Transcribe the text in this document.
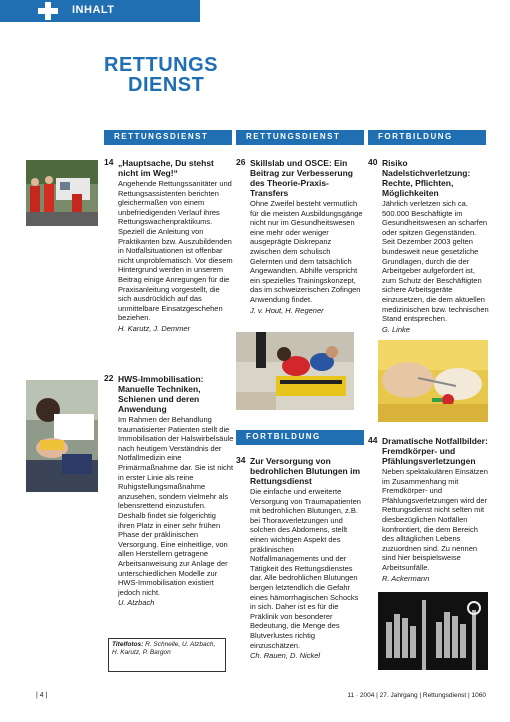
INHALT
RETTUNGS
DIENST
RETTUNGSDIENST	RETTUNGSDIENST	FORTBILDUNG
14 „Hauptsache, Du stehst nicht im Weg!“
Angehende Rettungssanitäter und Rettungsassistenten berichten gleichermaßen von einem unbefriedigenden Verlauf ihres Rettungswachenpraktikums. Speziell die Anleitung von Praktikanten bzw. Auszubildenden in Notfallsituationen ist offenbar nicht unproblematisch. Vor diesem Hintergrund werden in unserem Beitrag einige Anregungen für die Praxisanleitung vorgestellt, die sich ausdrücklich auf das unmittelbare Einsatzgeschehen beziehen.
H. Karutz, J. Demmer
22 HWS-Immobilisation: Manuelle Techniken, Schienen und deren Anwendung
Im Rahmen der Behandlung traumatisierter Patienten stellt die Immobilisation der Halswirbelsäule nach heutigem Verständnis der Notfallmedizin eine Primärmaßnahme dar. Sie ist nicht in erster Linie als reine Ruhigstellungsmaßnahme anzusehen, sondern vielmehr als lebensrettend einzustufen. Deshalb findet sie folgerichtig ihren Platz in einer sehr frühen Phase der präklinischen Versorgung. Eine einheitlige, von allen Herstellern getragene Arbeitsanweisung zur Anlage der unterschiedlichen Modelle zur HWS-Immobilisation existiert jedoch nicht.
U. Atzbach
Titelfotos: R. Schnelle, U. Atzbach, H. Karutz, P. Bargon
26 Skillslab und OSCE: Ein Beitrag zur Verbesserung des Theorie-Praxis-Transfers
Ohne Zweifel besteht vermutlich für die meisten Ausbildungsgänge nicht nur im Gesundheitswesen eine mehr oder weniger ausgeprägte Diskrepanz zwischen dem schulisch Gelernten und dem tatsächlich Angewandten. Abhilfe verspricht ein spezielles Trainingskonzept, das im schweizerischen Zofingen Anwendung findet.
J. v. Hout, H. Regener
FORTBILDUNG
34 Zur Versorgung von bedrohlichen Blutungen im Rettungsdienst
Die einfache und erweiterte Versorgung von Traumapatienten mit bedrohlichen Blutungen, z.B. bei Thoraxverletzungen und solchen des Abdomens, stellt einen wichtigen Aspekt des präklinischen Notfallmanagements und der Tätigkeit des Rettungsdienstes dar. Alle bedrohlichen Blutungen bergen letztendlich die Gefahr eines hämorrhagischen Schocks in sich. Daher ist es für die Präklinik von besonderer Bedeutung, die Menge des Blutverlustes richtig einzuschätzen.
Ch. Rauen, D. Nickel
40 Risiko Nadelstichverletzung: Rechte, Pflichten, Möglichkeiten
Jährlich verletzen sich ca. 500.000 Beschäftigte im Gesundheitswesen an scharfen oder spitzen Gegenständen. Seit Dezember 2003 gelten bundesweit neue gesetzliche Grundlagen, durch die der Arbeitgeber aufgefordert ist, zum Schutz der Beschäftigten sichere Arbeitsgeräte einzusetzen, die dem aktuellen medizinischen bzw. technischen Stand entsprechen.
G. Linke
44 Dramatische Notfallbilder: Fremdkörper- und Pfählungsverletzungen
Neben spektakulären Einsätzen im Zusammenhang mit Fremdkörper- und Pfählungsverletzungen wird der Rettungsdienst nicht selten mit diesbezüglichen Notfällen konfrontiert, die dem Bereich des alltäglichen Lebens zuzuordnen sind. Zu nennen sind hier beispielsweise Arbeitsunfälle.
R. Ackermann
| 4 |	11 · 2004 | 27. Jahrgang | Rettungsdienst | 1060
